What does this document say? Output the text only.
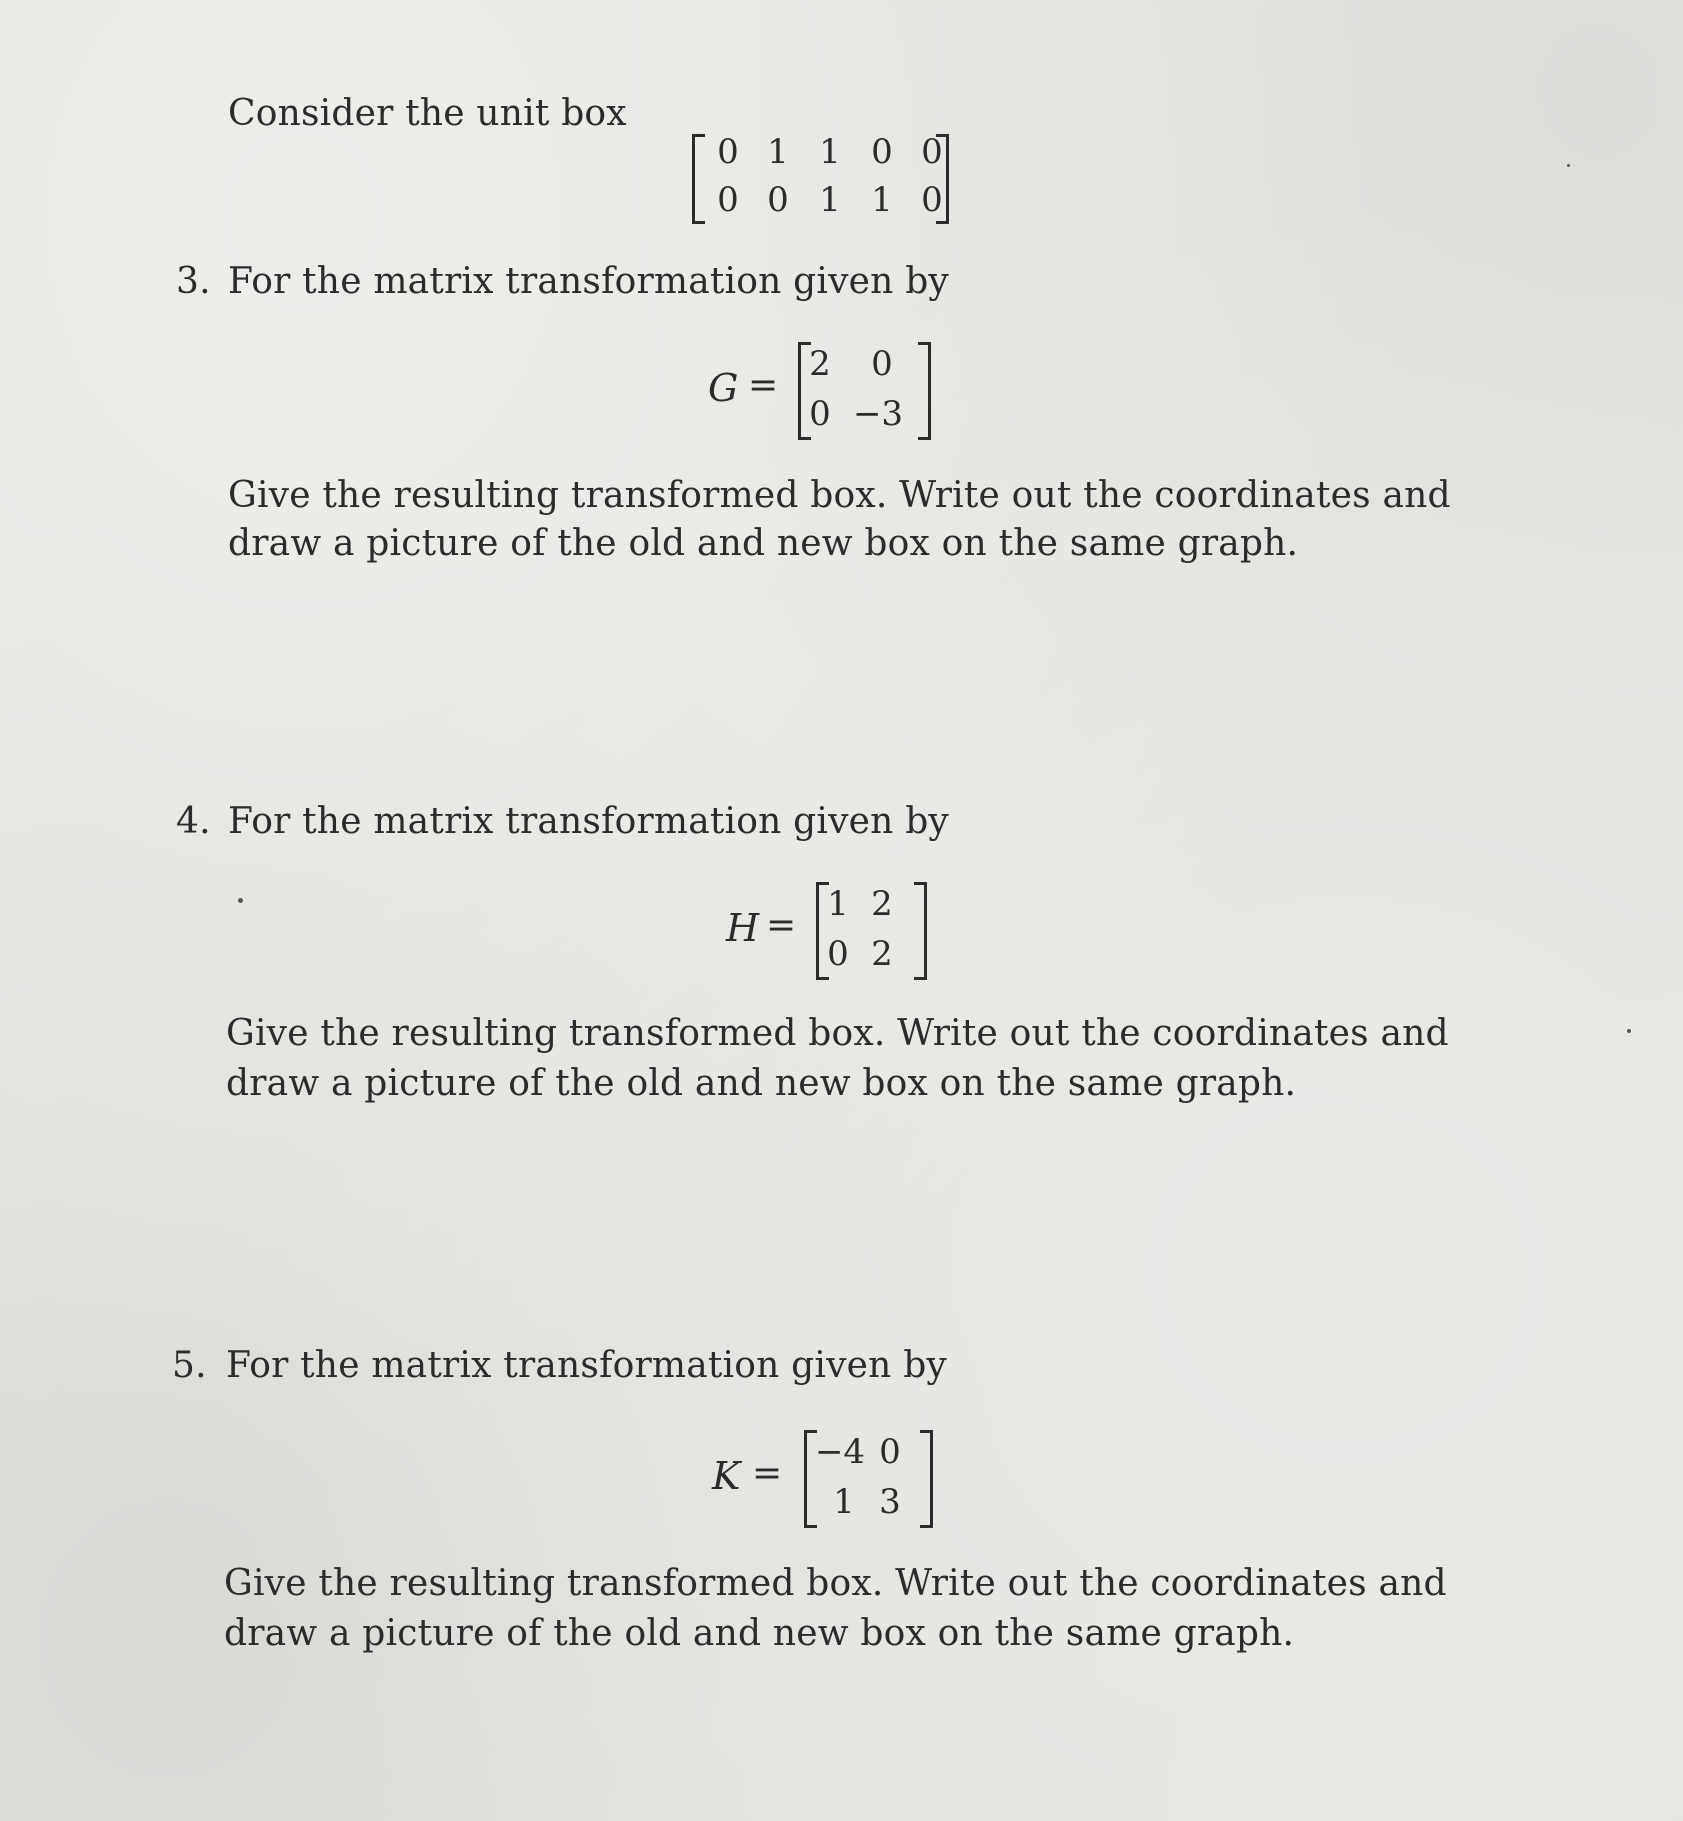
Consider the unit box
0 1 1 0 0
0 0 1 1 0
3. For the matrix transformation given by
G =
2	0
0 −3
Give the resulting transformed box. Write out the coordinates and
draw a picture of the old and new box on the same graph.
4. For the matrix transformation given by
H =
1 2
0 2
Give the resulting transformed box. Write out the coordinates and
draw a picture of the old and new box on the same graph.
5. For the matrix transformation given by
K =
−4 0
1 3
Give the resulting transformed box. Write out the coordinates and
draw a picture of the old and new box on the same graph.
